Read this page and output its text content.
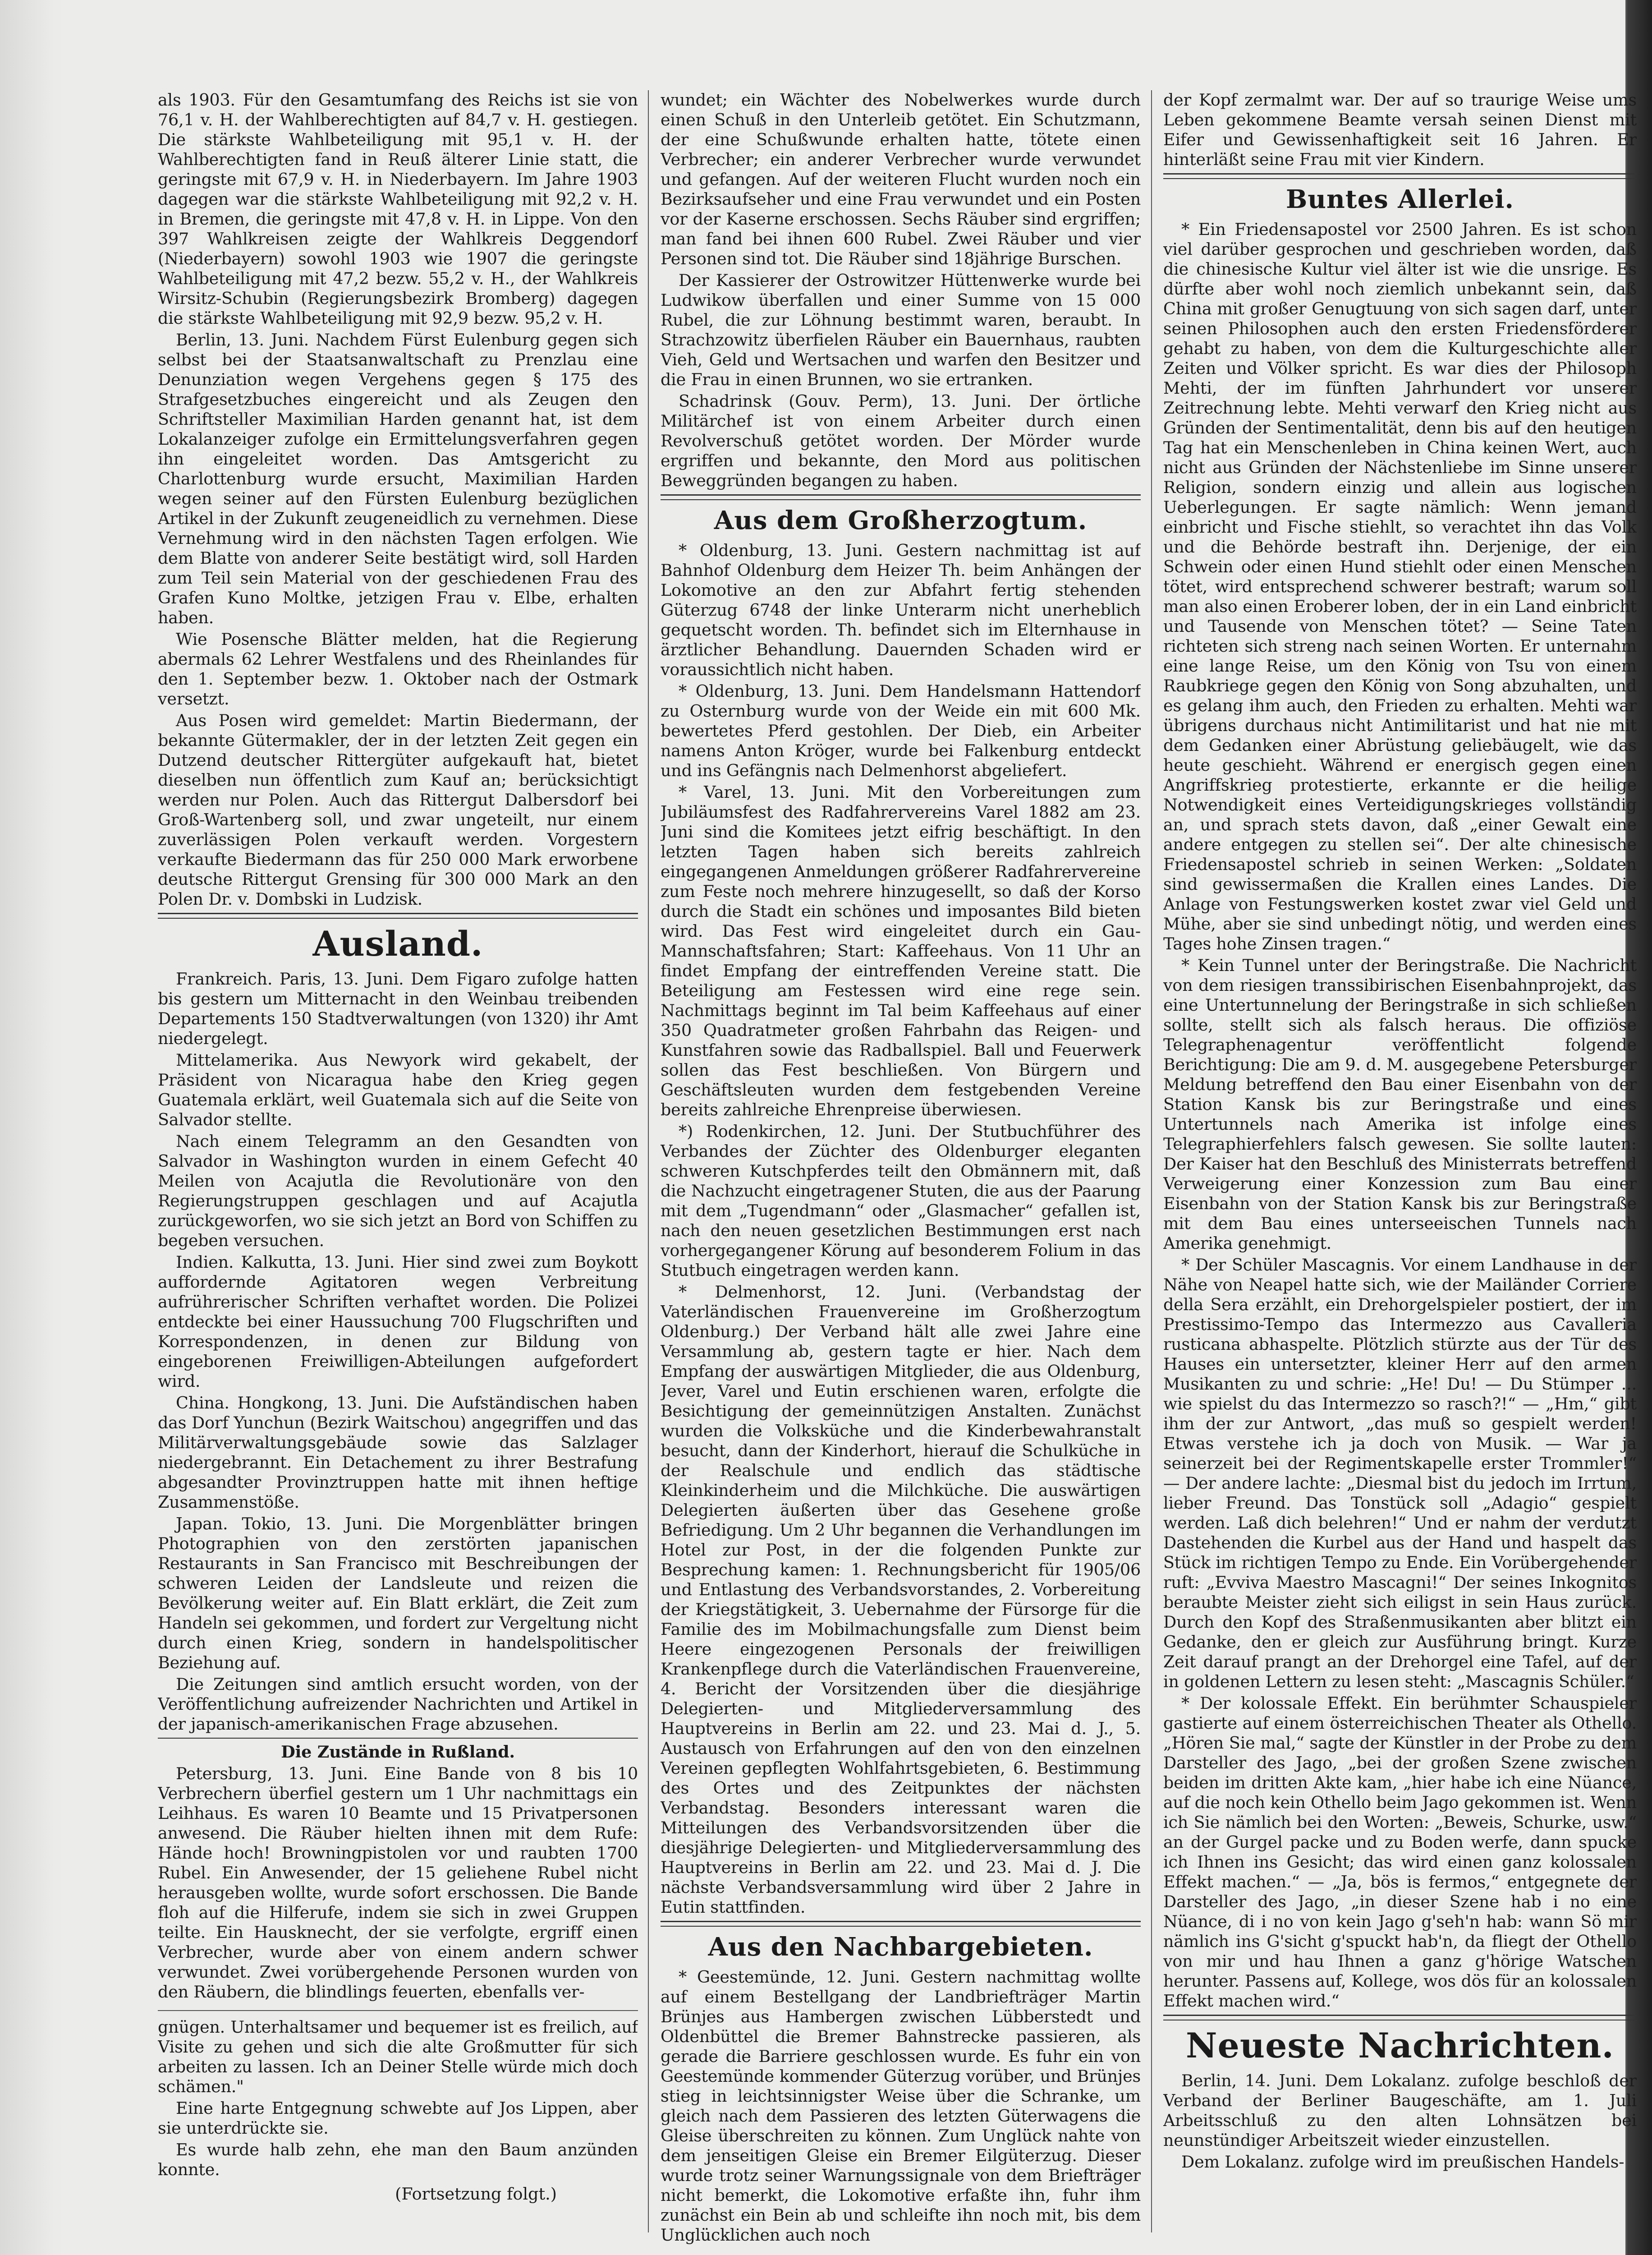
als 1903. Für den Gesamtumfang des Reichs ist sie von 76,1 v. H. der Wahlberechtigten auf 84,7 v. H. gestiegen. Die stärkste Wahlbeteiligung mit 95,1 v. H. der Wahlberechtigten fand in Reuß älterer Linie statt, die geringste mit 67,9 v. H. in Niederbayern. Im Jahre 1903 dagegen war die stärkste Wahlbeteiligung mit 92,2 v. H. in Bremen, die geringste mit 47,8 v. H. in Lippe. Von den 397 Wahlkreisen zeigte der Wahlkreis Deggendorf (Niederbayern) sowohl 1903 wie 1907 die geringste Wahlbeteiligung mit 47,2 bezw. 55,2 v. H., der Wahlkreis Wirsitz-Schubin (Regierungsbezirk Bromberg) dagegen die stärkste Wahlbeteiligung mit 92,9 bezw. 95,2 v. H.

Berlin, 13. Juni. Nachdem Fürst Eulenburg gegen sich selbst bei der Staatsanwaltschaft zu Prenzlau eine Denunziation wegen Vergehens gegen § 175 des Strafgesetzbuches eingereicht und als Zeugen den Schriftsteller Maximilian Harden genannt hat, ist dem Lokalanzeiger zufolge ein Ermittelungsverfahren gegen ihn eingeleitet worden. Das Amtsgericht zu Charlottenburg wurde ersucht, Maximilian Harden wegen seiner auf den Fürsten Eulenburg bezüglichen Artikel in der Zukunft zeugeneidlich zu vernehmen. Diese Vernehmung wird in den nächsten Tagen erfolgen. Wie dem Blatte von anderer Seite bestätigt wird, soll Harden zum Teil sein Material von der geschiedenen Frau des Grafen Kuno Moltke, jetzigen Frau v. Elbe, erhalten haben.

Wie Posensche Blätter melden, hat die Regierung abermals 62 Lehrer Westfalens und des Rheinlandes für den 1. September bezw. 1. Oktober nach der Ostmark versetzt.

Aus Posen wird gemeldet: Martin Biedermann, der bekannte Gütermakler, der in der letzten Zeit gegen ein Dutzend deutscher Rittergüter aufgekauft hat, bietet dieselben nun öffentlich zum Kauf an; berücksichtigt werden nur Polen. Auch das Rittergut Dalbersdorf bei Groß-Wartenberg soll, und zwar ungeteilt, nur einem zuverlässigen Polen verkauft werden. Vorgestern verkaufte Biedermann das für 250 000 Mark erworbene deutsche Rittergut Grensing für 300 000 Mark an den Polen Dr. v. Dombski in Ludzisk.

Ausland.

Frankreich. Paris, 13. Juni. Dem Figaro zufolge hatten bis gestern um Mitternacht in den Weinbau treibenden Departements 150 Stadtverwaltungen (von 1320) ihr Amt niedergelegt.

Mittelamerika. Aus Newyork wird gekabelt, der Präsident von Nicaragua habe den Krieg gegen Guatemala erklärt, weil Guatemala sich auf die Seite von Salvador stellte.

Nach einem Telegramm an den Gesandten von Salvador in Washington wurden in einem Gefecht 40 Meilen von Acajutla die Revolutionäre von den Regierungstruppen geschlagen und auf Acajutla zurückgeworfen, wo sie sich jetzt an Bord von Schiffen zu begeben versuchen.

Indien. Kalkutta, 13. Juni. Hier sind zwei zum Boykott auffordernde Agitatoren wegen Verbreitung aufrührerischer Schriften verhaftet worden. Die Polizei entdeckte bei einer Haussuchung 700 Flugschriften und Korrespondenzen, in denen zur Bildung von eingeborenen Freiwilligen-Abteilungen aufgefordert wird.

China. Hongkong, 13. Juni. Die Aufständischen haben das Dorf Yunchun (Bezirk Waitschou) angegriffen und das Militärverwaltungsgebäude sowie das Salzlager niedergebrannt. Ein Detachement zu ihrer Bestrafung abgesandter Provinztruppen hatte mit ihnen heftige Zusammenstöße.

Japan. Tokio, 13. Juni. Die Morgenblätter bringen Photographien von den zerstörten japanischen Restaurants in San Francisco mit Beschreibungen der schweren Leiden der Landsleute und reizen die Bevölkerung weiter auf. Ein Blatt erklärt, die Zeit zum Handeln sei gekommen, und fordert zur Vergeltung nicht durch einen Krieg, sondern in handelspolitischer Beziehung auf.

Die Zeitungen sind amtlich ersucht worden, von der Veröffentlichung aufreizender Nachrichten und Artikel in der japanisch-amerikanischen Frage abzusehen.

Die Zustände in Rußland.

Petersburg, 13. Juni. Eine Bande von 8 bis 10 Verbrechern überfiel gestern um 1 Uhr nachmittags ein Leihhaus. Es waren 10 Beamte und 15 Privatpersonen anwesend. Die Räuber hielten ihnen mit dem Rufe: Hände hoch! Browningpistolen vor und raubten 1700 Rubel. Ein Anwesender, der 15 geliehene Rubel nicht herausgeben wollte, wurde sofort erschossen. Die Bande floh auf die Hilferufe, indem sie sich in zwei Gruppen teilte. Ein Hausknecht, der sie verfolgte, ergriff einen Verbrecher, wurde aber von einem andern schwer verwundet. Zwei vorübergehende Personen wurden von den Räubern, die blindlings feuerten, ebenfalls ver-

gnügen. Unterhaltsamer und bequemer ist es freilich, auf Visite zu gehen und sich die alte Großmutter für sich arbeiten zu lassen. Ich an Deiner Stelle würde mich doch schämen."

Eine harte Entgegnung schwebte auf Jos Lippen, aber sie unterdrückte sie.

Es wurde halb zehn, ehe man den Baum anzünden konnte.

(Fortsetzung folgt.)

wundet; ein Wächter des Nobelwerkes wurde durch einen Schuß in den Unterleib getötet. Ein Schutzmann, der eine Schußwunde erhalten hatte, tötete einen Verbrecher; ein anderer Verbrecher wurde verwundet und gefangen. Auf der weiteren Flucht wurden noch ein Bezirksaufseher und eine Frau verwundet und ein Posten vor der Kaserne erschossen. Sechs Räuber sind ergriffen; man fand bei ihnen 600 Rubel. Zwei Räuber und vier Personen sind tot. Die Räuber sind 18jährige Burschen.

Der Kassierer der Ostrowitzer Hüttenwerke wurde bei Ludwikow überfallen und einer Summe von 15 000 Rubel, die zur Löhnung bestimmt waren, beraubt. In Strachzowitz überfielen Räuber ein Bauernhaus, raubten Vieh, Geld und Wertsachen und warfen den Besitzer und die Frau in einen Brunnen, wo sie ertranken.

Schadrinsk (Gouv. Perm), 13. Juni. Der örtliche Militärchef ist von einem Arbeiter durch einen Revolverschuß getötet worden. Der Mörder wurde ergriffen und bekannte, den Mord aus politischen Beweggründen begangen zu haben.

Aus dem Großherzogtum.

* Oldenburg, 13. Juni. Gestern nachmittag ist auf Bahnhof Oldenburg dem Heizer Th. beim Anhängen der Lokomotive an den zur Abfahrt fertig stehenden Güterzug 6748 der linke Unterarm nicht unerheblich gequetscht worden. Th. befindet sich im Elternhause in ärztlicher Behandlung. Dauernden Schaden wird er voraussichtlich nicht haben.

* Oldenburg, 13. Juni. Dem Handelsmann Hattendorf zu Osternburg wurde von der Weide ein mit 600 Mk. bewertetes Pferd gestohlen. Der Dieb, ein Arbeiter namens Anton Kröger, wurde bei Falkenburg entdeckt und ins Gefängnis nach Delmenhorst abgeliefert.

* Varel, 13. Juni. Mit den Vorbereitungen zum Jubiläumsfest des Radfahrervereins Varel 1882 am 23. Juni sind die Komitees jetzt eifrig beschäftigt. In den letzten Tagen haben sich bereits zahlreich eingegangenen Anmeldungen größerer Radfahrervereine zum Feste noch mehrere hinzugesellt, so daß der Korso durch die Stadt ein schönes und imposantes Bild bieten wird. Das Fest wird eingeleitet durch ein Gau-Mannschaftsfahren; Start: Kaffeehaus. Von 11 Uhr an findet Empfang der eintreffenden Vereine statt. Die Beteiligung am Festessen wird eine rege sein. Nachmittags beginnt im Tal beim Kaffeehaus auf einer 350 Quadratmeter großen Fahrbahn das Reigen- und Kunstfahren sowie das Radballspiel. Ball und Feuerwerk sollen das Fest beschließen. Von Bürgern und Geschäftsleuten wurden dem festgebenden Vereine bereits zahlreiche Ehrenpreise überwiesen.

*) Rodenkirchen, 12. Juni. Der Stutbuchführer des Verbandes der Züchter des Oldenburger eleganten schweren Kutschpferdes teilt den Obmännern mit, daß die Nachzucht eingetragener Stuten, die aus der Paarung mit dem „Tugendmann“ oder „Glasmacher“ gefallen ist, nach den neuen gesetzlichen Bestimmungen erst nach vorhergegangener Körung auf besonderem Folium in das Stutbuch eingetragen werden kann.

* Delmenhorst, 12. Juni. (Verbandstag der Vaterländischen Frauenvereine im Großherzogtum Oldenburg.) Der Verband hält alle zwei Jahre eine Versammlung ab, gestern tagte er hier. Nach dem Empfang der auswärtigen Mitglieder, die aus Oldenburg, Jever, Varel und Eutin erschienen waren, erfolgte die Besichtigung der gemeinnützigen Anstalten. Zunächst wurden die Volksküche und die Kinderbewahranstalt besucht, dann der Kinderhort, hierauf die Schulküche in der Realschule und endlich das städtische Kleinkinderheim und die Milchküche. Die auswärtigen Delegierten äußerten über das Gesehene große Befriedigung. Um 2 Uhr begannen die Verhandlungen im Hotel zur Post, in der die folgenden Punkte zur Besprechung kamen: 1. Rechnungsbericht für 1905/06 und Entlastung des Verbandsvorstandes, 2. Vorbereitung der Kriegstätigkeit, 3. Uebernahme der Fürsorge für die Familie des im Mobilmachungsfalle zum Dienst beim Heere eingezogenen Personals der freiwilligen Krankenpflege durch die Vaterländischen Frauenvereine, 4. Bericht der Vorsitzenden über die diesjährige Delegierten- und Mitgliederversammlung des Hauptvereins in Berlin am 22. und 23. Mai d. J., 5. Austausch von Erfahrungen auf den von den einzelnen Vereinen gepflegten Wohlfahrtsgebieten, 6. Bestimmung des Ortes und des Zeitpunktes der nächsten Verbandstag. Besonders interessant waren die Mitteilungen des Verbandsvorsitzenden über die diesjährige Delegierten- und Mitgliederversammlung des Hauptvereins in Berlin am 22. und 23. Mai d. J. Die nächste Verbandsversammlung wird über 2 Jahre in Eutin stattfinden.

Aus den Nachbargebieten.

* Geestemünde, 12. Juni. Gestern nachmittag wollte auf einem Bestellgang der Landbriefträger Martin Brünjes aus Hambergen zwischen Lübberstedt und Oldenbüttel die Bremer Bahnstrecke passieren, als gerade die Barriere geschlossen wurde. Es fuhr ein von Geestemünde kommender Güterzug vorüber, und Brünjes stieg in leichtsinnigster Weise über die Schranke, um gleich nach dem Passieren des letzten Güterwagens die Gleise überschreiten zu können. Zum Unglück nahte von dem jenseitigen Gleise ein Bremer Eilgüterzug. Dieser wurde trotz seiner Warnungssignale von dem Briefträger nicht bemerkt, die Lokomotive erfaßte ihn, fuhr ihm zunächst ein Bein ab und schleifte ihn noch mit, bis dem Unglücklichen auch noch

der Kopf zermalmt war. Der auf so traurige Weise ums Leben gekommene Beamte versah seinen Dienst mit Eifer und Gewissenhaftigkeit seit 16 Jahren. Er hinterläßt seine Frau mit vier Kindern.

Buntes Allerlei.

* Ein Friedensapostel vor 2500 Jahren. Es ist schon viel darüber gesprochen und geschrieben worden, daß die chinesische Kultur viel älter ist wie die unsrige. Es dürfte aber wohl noch ziemlich unbekannt sein, daß China mit großer Genugtuung von sich sagen darf, unter seinen Philosophen auch den ersten Friedensförderer gehabt zu haben, von dem die Kulturgeschichte aller Zeiten und Völker spricht. Es war dies der Philosoph Mehti, der im fünften Jahrhundert vor unserer Zeitrechnung lebte. Mehti verwarf den Krieg nicht aus Gründen der Sentimentalität, denn bis auf den heutigen Tag hat ein Menschenleben in China keinen Wert, auch nicht aus Gründen der Nächstenliebe im Sinne unserer Religion, sondern einzig und allein aus logischen Ueberlegungen. Er sagte nämlich: Wenn jemand einbricht und Fische stiehlt, so verachtet ihn das Volk und die Behörde bestraft ihn. Derjenige, der ein Schwein oder einen Hund stiehlt oder einen Menschen tötet, wird entsprechend schwerer bestraft; warum soll man also einen Eroberer loben, der in ein Land einbricht und Tausende von Menschen tötet? — Seine Taten richteten sich streng nach seinen Worten. Er unternahm eine lange Reise, um den König von Tsu von einem Raubkriege gegen den König von Song abzuhalten, und es gelang ihm auch, den Frieden zu erhalten. Mehti war übrigens durchaus nicht Antimilitarist und hat nie mit dem Gedanken einer Abrüstung geliebäugelt, wie das heute geschieht. Während er energisch gegen einen Angriffskrieg protestierte, erkannte er die heilige Notwendigkeit eines Verteidigungskrieges vollständig an, und sprach stets davon, daß „einer Gewalt eine andere entgegen zu stellen sei“. Der alte chinesische Friedensapostel schrieb in seinen Werken: „Soldaten sind gewissermaßen die Krallen eines Landes. Die Anlage von Festungswerken kostet zwar viel Geld und Mühe, aber sie sind unbedingt nötig, und werden eines Tages hohe Zinsen tragen.“

* Kein Tunnel unter der Beringstraße. Die Nachricht von dem riesigen transsibirischen Eisenbahnprojekt, das eine Untertunnelung der Beringstraße in sich schließen sollte, stellt sich als falsch heraus. Die offiziöse Telegraphenagentur veröffentlicht folgende Berichtigung: Die am 9. d. M. ausgegebene Petersburger Meldung betreffend den Bau einer Eisenbahn von der Station Kansk bis zur Beringstraße und eines Untertunnels nach Amerika ist infolge eines Telegraphierfehlers falsch gewesen. Sie sollte lauten: Der Kaiser hat den Beschluß des Ministerrats betreffend Verweigerung einer Konzession zum Bau einer Eisenbahn von der Station Kansk bis zur Beringstraße mit dem Bau eines unterseeischen Tunnels nach Amerika genehmigt.

* Der Schüler Mascagnis. Vor einem Landhause in der Nähe von Neapel hatte sich, wie der Mailänder Corriere della Sera erzählt, ein Drehorgelspieler postiert, der im Prestissimo-Tempo das Intermezzo aus Cavalleria rusticana abhaspelte. Plötzlich stürzte aus der Tür des Hauses ein untersetzter, kleiner Herr auf den armen Musikanten zu und schrie: „He! Du! — Du Stümper ... wie spielst du das Intermezzo so rasch?!“ — „Hm,“ gibt ihm der zur Antwort, „das muß so gespielt werden! Etwas verstehe ich ja doch von Musik. — War ja seinerzeit bei der Regimentskapelle erster Trommler!“ — Der andere lachte: „Diesmal bist du jedoch im Irrtum, lieber Freund. Das Tonstück soll „Adagio“ gespielt werden. Laß dich belehren!“ Und er nahm der verdutzt Dastehenden die Kurbel aus der Hand und haspelt das Stück im richtigen Tempo zu Ende. Ein Vorübergehender ruft: „Evviva Maestro Mascagni!“ Der seines Inkognitos beraubte Meister zieht sich eiligst in sein Haus zurück. Durch den Kopf des Straßenmusikanten aber blitzt ein Gedanke, den er gleich zur Ausführung bringt. Kurze Zeit darauf prangt an der Drehorgel eine Tafel, auf der in goldenen Lettern zu lesen steht: „Mascagnis Schüler.“

* Der kolossale Effekt. Ein berühmter Schauspieler gastierte auf einem österreichischen Theater als Othello. „Hören Sie mal,“ sagte der Künstler in der Probe zu dem Darsteller des Jago, „bei der großen Szene zwischen beiden im dritten Akte kam, „hier habe ich eine Nüance, auf die noch kein Othello beim Jago gekommen ist. Wenn ich Sie nämlich bei den Worten: „Beweis, Schurke, usw.“ an der Gurgel packe und zu Boden werfe, dann spucke ich Ihnen ins Gesicht; das wird einen ganz kolossalen Effekt machen.“ — „Ja, bös is fermos,“ entgegnete der Darsteller des Jago, „in dieser Szene hab i no eine Nüance, di i no von kein Jago g'seh'n hab: wann Sö mir nämlich ins G'sicht g'spuckt hab'n, da fliegt der Othello von mir und hau Ihnen a ganz g'hörige Watschen herunter. Passens auf, Kollege, wos dös für an kolossalen Effekt machen wird.“

Neueste Nachrichten.

Berlin, 14. Juni. Dem Lokalanz. zufolge beschloß der Verband der Berliner Baugeschäfte, am 1. Juli Arbeitsschluß zu den alten Lohnsätzen bei neunstündiger Arbeitszeit wieder einzustellen.

Dem Lokalanz. zufolge wird im preußischen Handels-
